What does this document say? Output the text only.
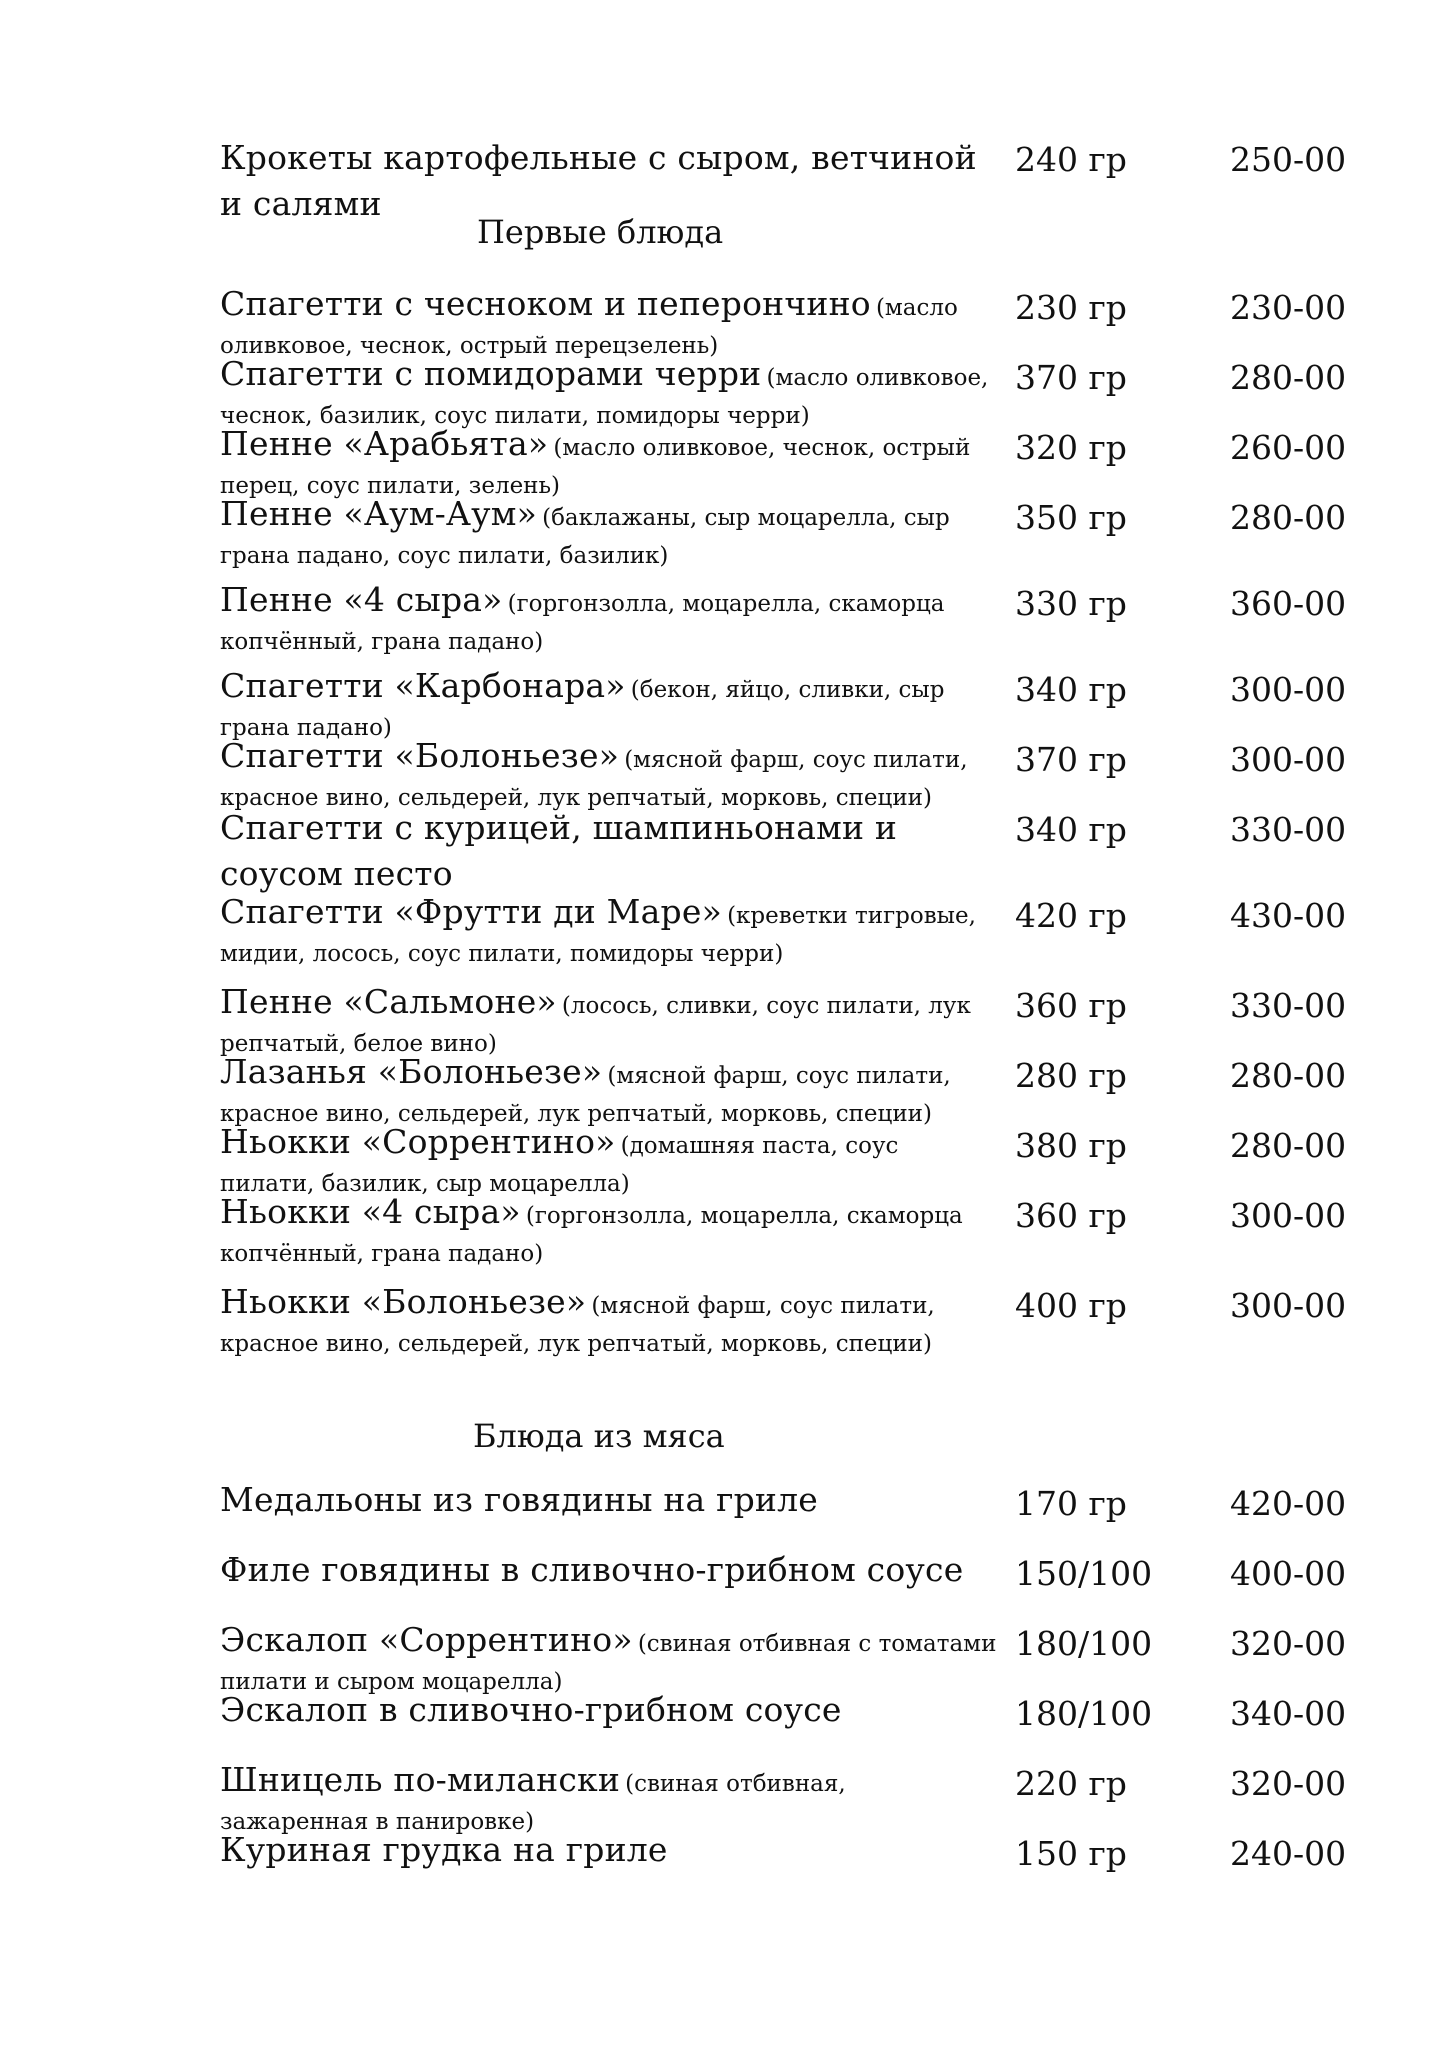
Крокеты картофельные с сыром, ветчиной и салями
240 гр	250-00
Первые блюда
Спагетти с чесноком и пеперончино (масло оливковое, чеснок, острый перецзелень)
230 гр	230-00
Спагетти с помидорами черри (масло оливковое, чеснок, базилик, соус пилати, помидоры черри)
370 гр	280-00
Пенне «Арабьята» (масло оливковое, чеснок, острый перец, соус пилати, зелень)
320 гр	260-00
Пенне «Аум-Аум» (баклажаны, сыр моцарелла, сыр грана падано, соус пилати, базилик)
350 гр	280-00
Пенне «4 сыра» (горгонзолла, моцарелла, скаморца копчённый, грана падано)
330 гр	360-00
Спагетти «Карбонара» (бекон, яйцо, сливки, сыр грана падано)
340 гр	300-00
Спагетти «Болоньезе» (мясной фарш, соус пилати, красное вино, сельдерей, лук репчатый, морковь, специи)
370 гр	300-00
Спагетти с курицей, шампиньонами и соусом песто
340 гр	330-00
Спагетти «Фрутти ди Маре» (креветки тигровые, мидии, лосось, соус пилати, помидоры черри)
420 гр	430-00
Пенне «Сальмоне» (лосось, сливки, соус пилати, лук репчатый, белое вино)
360 гр	330-00
Лазанья «Болоньезе» (мясной фарш, соус пилати, красное вино, сельдерей, лук репчатый, морковь, специи)
280 гр	280-00
Ньокки «Соррентино» (домашняя паста, соус пилати, базилик, сыр моцарелла)
380 гр	280-00
Ньокки «4 сыра» (горгонзолла, моцарелла, скаморца копчённый, грана падано)
360 гр	300-00
Ньокки «Болоньезе» (мясной фарш, соус пилати, красное вино, сельдерей, лук репчатый, морковь, специи)
400 гр	300-00
Блюда из мяса
Медальоны из говядины на гриле	170 гр	420-00
Филе говядины в сливочно-грибном соусе	150/100 400-00
Эскалоп «Соррентино» (свиная отбивная с томатами пилати и сыром моцарелла)
180/100 320-00
Эскалоп в сливочно-грибном соусе	180/100 340-00
Шницель по-милански (свиная отбивная, зажаренная в панировке)
220 гр	320-00
Куриная грудка на гриле	150 гр	240-00
